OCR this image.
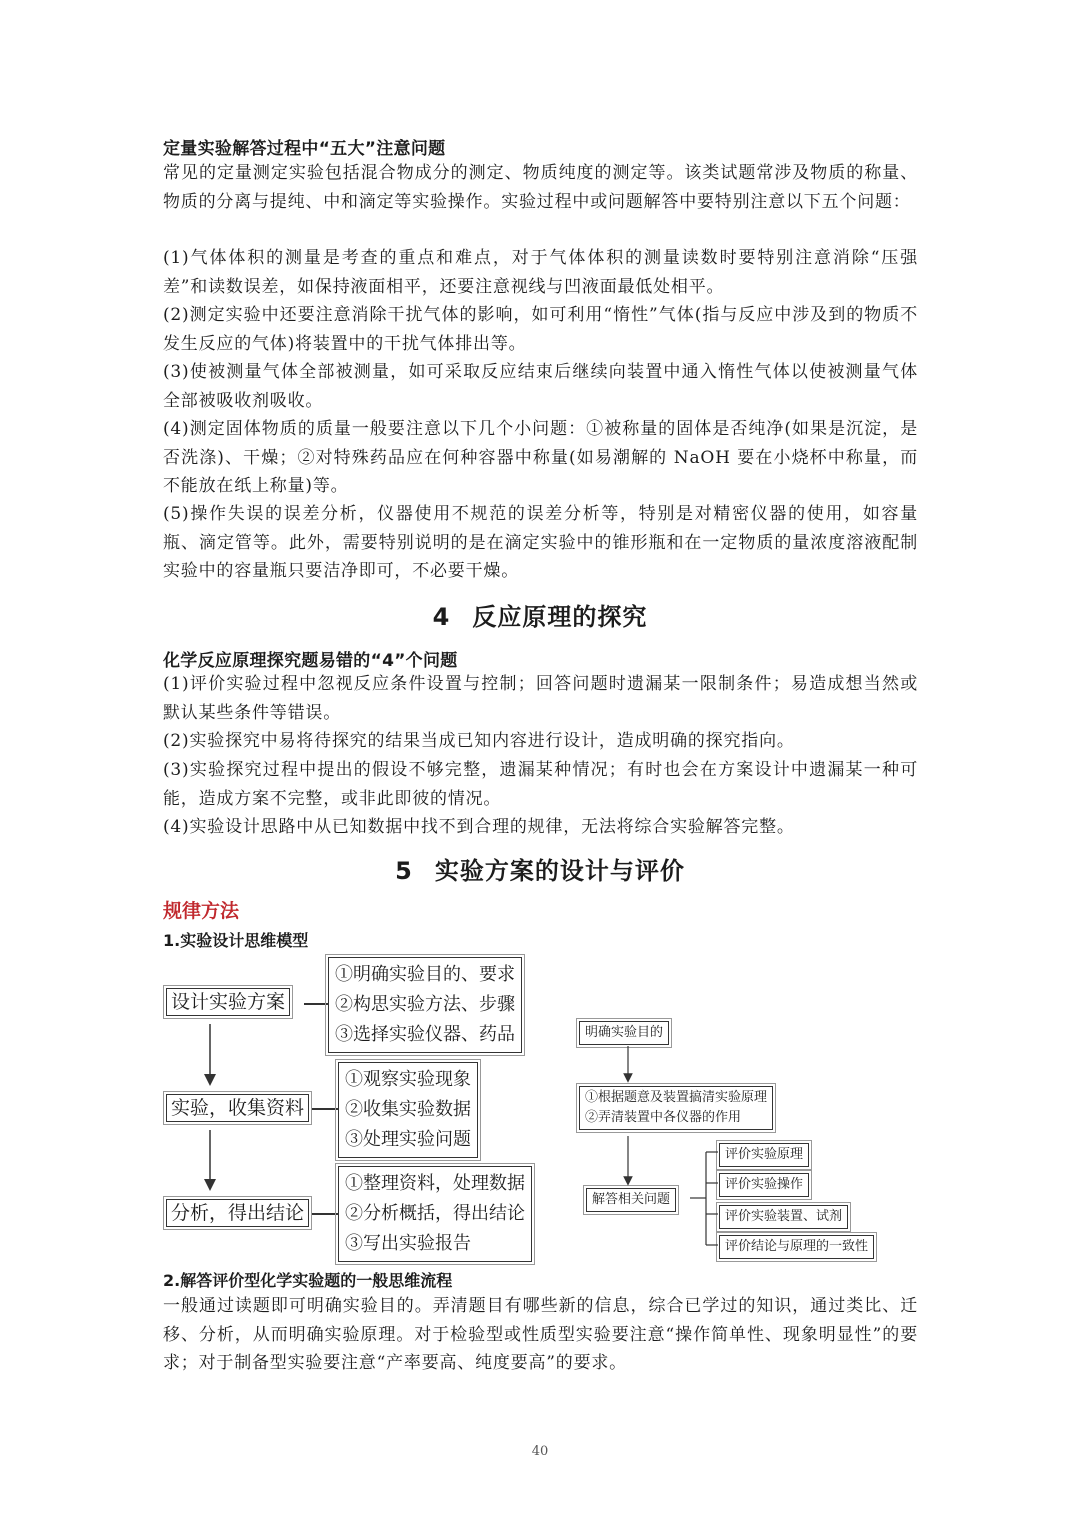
定量实验解答过程中“五大”注意问题

常见的定量测定实验包括混合物成分的测定、物质纯度的测定等。该类试题常涉及物质的称量、物质的分离与提纯、中和滴定等实验操作。实验过程中或问题解答中要特别注意以下五个问题：

(1)气体体积的测量是考查的重点和难点，对于气体体积的测量读数时要特别注意消除“压强差”和读数误差，如保持液面相平，还要注意视线与凹液面最低处相平。

(2)测定实验中还要注意消除干扰气体的影响，如可利用“惰性”气体(指与反应中涉及到的物质不发生反应的气体)将装置中的干扰气体排出等。

(3)使被测量气体全部被测量，如可采取反应结束后继续向装置中通入惰性气体以使被测量气体全部被吸收剂吸收。

(4)测定固体物质的质量一般要注意以下几个小问题：①被称量的固体是否纯净(如果是沉淀，是否洗涤)、干燥；②对特殊药品应在何种容器中称量(如易潮解的 NaOH 要在小烧杯中称量，而不能放在纸上称量)等。

(5)操作失误的误差分析，仪器使用不规范的误差分析等，特别是对精密仪器的使用，如容量瓶、滴定管等。此外，需要特别说明的是在滴定实验中的锥形瓶和在一定物质的量浓度溶液配制实验中的容量瓶只要洁净即可，不必要干燥。

4 反应原理的探究
化学反应原理探究题易错的“4”个问题

(1)评价实验过程中忽视反应条件设置与控制；回答问题时遗漏某一限制条件；易造成想当然或默认某些条件等错误。

(2)实验探究中易将待探究的结果当成已知内容进行设计，造成明确的探究指向。

(3)实验探究过程中提出的假设不够完整，遗漏某种情况；有时也会在方案设计中遗漏某一种可能，造成方案不完整，或非此即彼的情况。

(4)实验设计思路中从已知数据中找不到合理的规律，无法将综合实验解答完整。

5 实验方案的设计与评价
规律方法
1.实验设计思维模型
设计实验方案
①明确实验目的、要求
②构思实验方法、步骤
③选择实验仪器、药品
实验，收集资料
①观察实验现象
②收集实验数据
③处理实验问题
分析，得出结论
①整理资料，处理数据
②分析概括，得出结论
③写出实验报告
明确实验目的
①根据题意及装置搞清实验原理
②弄清装置中各仪器的作用
解答相关问题
评价实验原理
评价实验操作
评价实验装置、试剂
评价结论与原理的一致性
2.解答评价型化学实验题的一般思维流程

一般通过读题即可明确实验目的。弄清题目有哪些新的信息，综合已学过的知识，通过类比、迁移、分析，从而明确实验原理。对于检验型或性质型实验要注意“操作简单性、现象明显性”的要求；对于制备型实验要注意“产率要高、纯度要高”的要求。

40
